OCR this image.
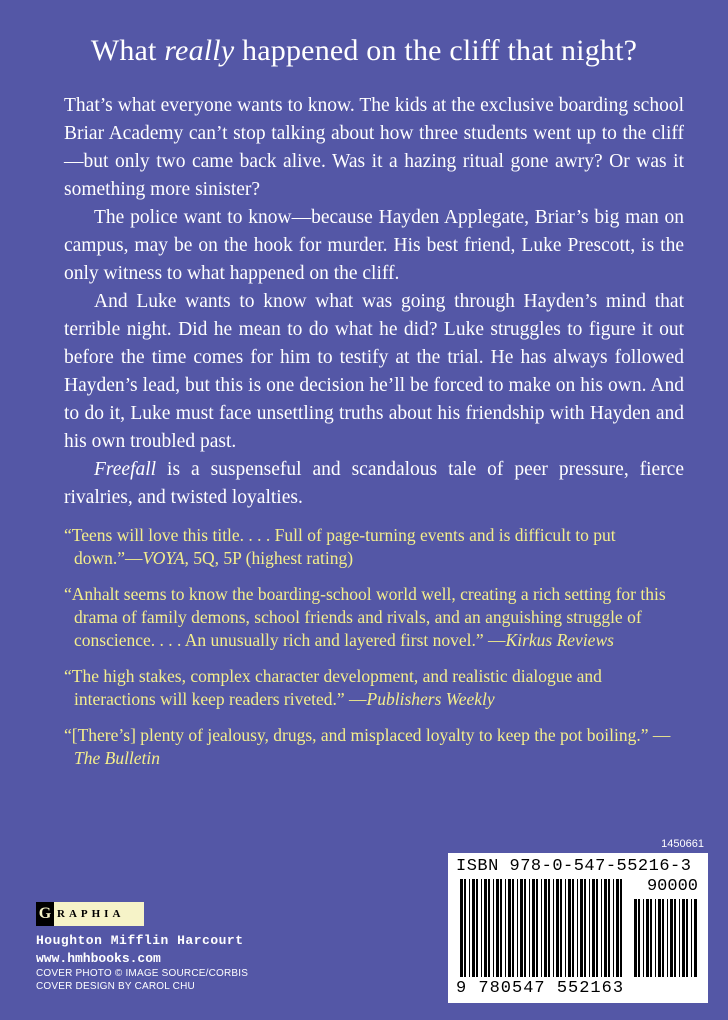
What really happened on the cliff that night?

That’s what everyone wants to know. The kids at the exclusive boarding school Briar Academy can’t stop talking about how three students went up to the cliff—but only two came back alive. Was it a hazing ritual gone awry? Or was it something more sinister?

The police want to know—because Hayden Applegate, Briar’s big man on campus, may be on the hook for murder. His best friend, Luke Prescott, is the only witness to what happened on the cliff.

And Luke wants to know what was going through Hayden’s mind that terrible night. Did he mean to do what he did? Luke struggles to figure it out before the time comes for him to testify at the trial. He has always followed Hayden’s lead, but this is one decision he’ll be forced to make on his own. And to do it, Luke must face unsettling truths about his friendship with Hayden and his own troubled past.

Freefall is a suspenseful and scandalous tale of peer pressure, fierce rivalries, and twisted loyalties.

“Teens will love this title. . . . Full of page-turning events and is difficult to put down.”—VOYA, 5Q, 5P (highest rating)

“Anhalt seems to know the boarding-school world well, creating a rich setting for this drama of family demons, school friends and rivals, and an anguishing struggle of conscience. . . . An unusually rich and layered first novel.” —Kirkus Reviews

“The high stakes, complex character development, and realistic dialogue and interactions will keep readers riveted.” —Publishers Weekly

“[There’s] plenty of jealousy, drugs, and misplaced loyalty to keep the pot boiling.” —The Bulletin

1450661
ISBN 978-0-547-55216-3
90000
9 780547 552163
G RAPHIA
Houghton Mifflin Harcourt
www.hmhbooks.com
COVER PHOTO © IMAGE SOURCE/CORBIS
COVER DESIGN BY CAROL CHU
